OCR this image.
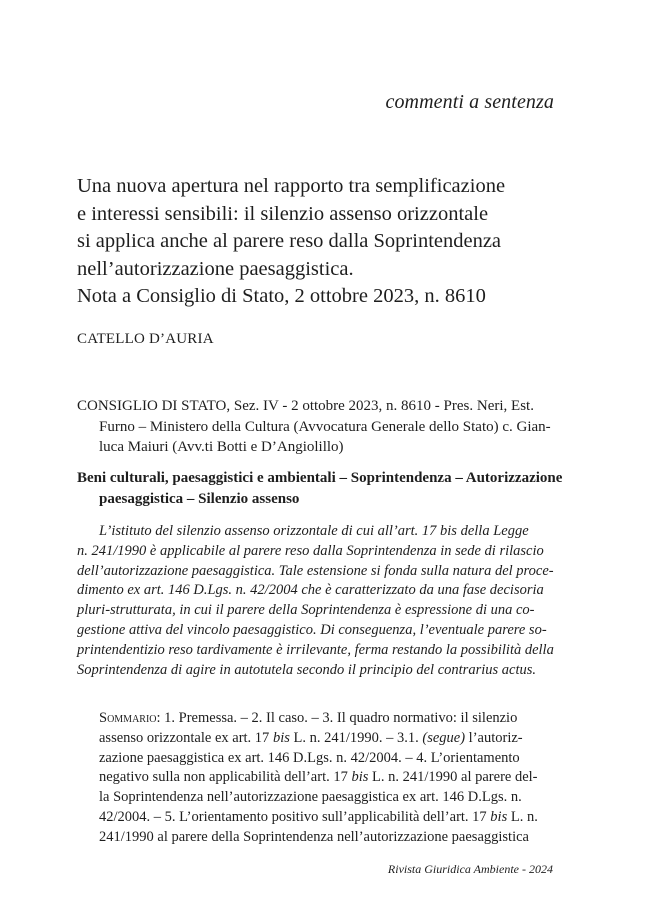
commenti a sentenza
Una nuova apertura nel rapporto tra semplificazione
e interessi sensibili: il silenzio assenso orizzontale
si applica anche al parere reso dalla Soprintendenza
nell’autorizzazione paesaggistica.
Nota a Consiglio di Stato, 2 ottobre 2023, n. 8610
CATELLO D’AURIA
CONSIGLIO DI STATO, Sez. IV - 2 ottobre 2023, n. 8610 - Pres. Neri, Est.
Furno – Ministero della Cultura (Avvocatura Generale dello Stato) c. Gian-
luca Maiuri (Avv.ti Botti e D’Angiolillo)
Beni culturali, paesaggistici e ambientali – Soprintendenza – Autorizzazione
paesaggistica – Silenzio assenso
L’istituto del silenzio assenso orizzontale di cui all’art. 17 bis della Legge
n. 241/1990 è applicabile al parere reso dalla Soprintendenza in sede di rilascio
dell’autorizzazione paesaggistica. Tale estensione si fonda sulla natura del proce-
dimento ex art. 146 D.Lgs. n. 42/2004 che è caratterizzato da una fase decisoria
pluri-strutturata, in cui il parere della Soprintendenza è espressione di una co-
gestione attiva del vincolo paesaggistico. Di conseguenza, l’eventuale parere so-
printendentizio reso tardivamente è irrilevante, ferma restando la possibilità della
Soprintendenza di agire in autotutela secondo il principio del contrarius actus.
Sommario: 1. Premessa. – 2. Il caso. – 3. Il quadro normativo: il silenzio
assenso orizzontale ex art. 17 bis L. n. 241/1990. – 3.1. (segue) l’autoriz-
zazione paesaggistica ex art. 146 D.Lgs. n. 42/2004. – 4. L’orientamento
negativo sulla non applicabilità dell’art. 17 bis L. n. 241/1990 al parere del-
la Soprintendenza nell’autorizzazione paesaggistica ex art. 146 D.Lgs. n.
42/2004. – 5. L’orientamento positivo sull’applicabilità dell’art. 17 bis L. n.
241/1990 al parere della Soprintendenza nell’autorizzazione paesaggistica
Rivista Giuridica Ambiente - 2024
